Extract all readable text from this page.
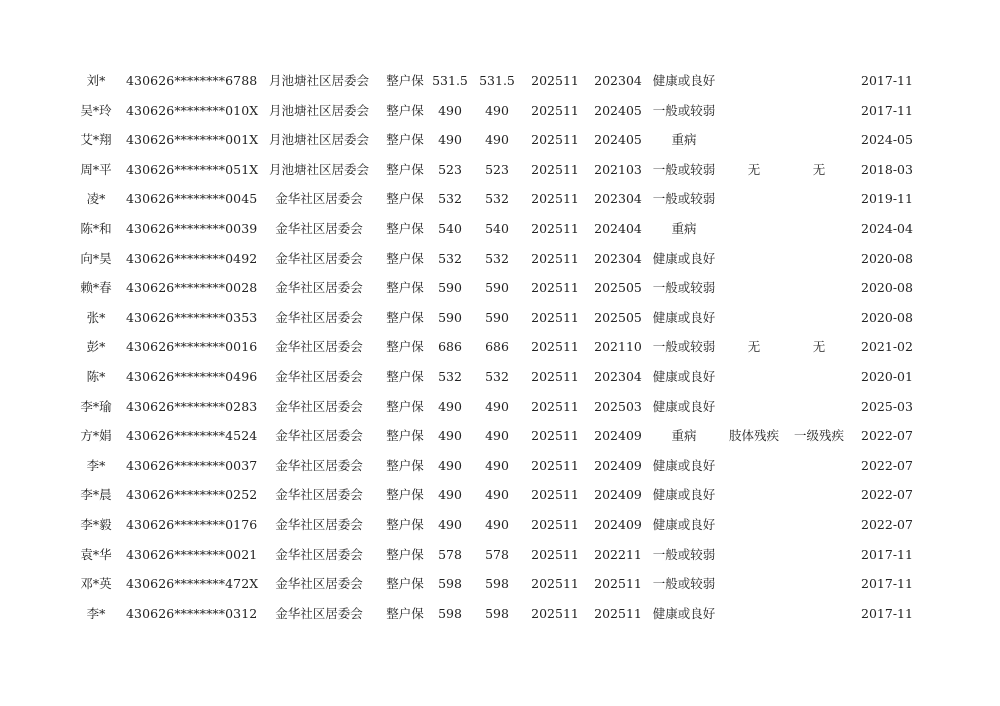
刘*	430626********6788 月池塘社区居委会	整户保 531.5 531.5 202511 202304 健康或良好	2017-11
吴*玲	430626********010X 月池塘社区居委会	整户保	490	490	202511 202405 一般或较弱	2017-11
艾*翔	430626********001X 月池塘社区居委会	整户保	490	490	202511 202405	重病	2024-05
周*平	430626********051X 月池塘社区居委会	整户保	523	523	202511 202103 一般或较弱	无	无	2018-03
凌*	430626********0045	金华社区居委会	整户保	532	532	202511 202304 一般或较弱	2019-11
陈*和	430626********0039	金华社区居委会	整户保	540	540	202511 202404	重病	2024-04
向*昊	430626********0492	金华社区居委会	整户保	532	532	202511 202304 健康或良好	2020-08
赖*春	430626********0028	金华社区居委会	整户保	590	590	202511 202505 一般或较弱	2020-08
张*	430626********0353	金华社区居委会	整户保	590	590	202511 202505 健康或良好	2020-08
彭*	430626********0016	金华社区居委会	整户保	686	686	202511 202110 一般或较弱	无	无	2021-02
陈*	430626********0496	金华社区居委会	整户保	532	532	202511 202304 健康或良好	2020-01
李*瑜	430626********0283	金华社区居委会	整户保	490	490	202511 202503 健康或良好	2025-03
方*娟	430626********4524	金华社区居委会	整户保	490	490	202511 202409	重病	肢体残疾	一级残疾	2022-07
李*	430626********0037	金华社区居委会	整户保	490	490	202511 202409 健康或良好	2022-07
李*晨	430626********0252	金华社区居委会	整户保	490	490	202511 202409 健康或良好	2022-07
李*毅	430626********0176	金华社区居委会	整户保	490	490	202511 202409 健康或良好	2022-07
袁*华	430626********0021	金华社区居委会	整户保	578	578	202511 202211 一般或较弱	2017-11
邓*英	430626********472X	金华社区居委会	整户保	598	598	202511 202511 一般或较弱	2017-11
李*	430626********0312	金华社区居委会	整户保	598	598	202511 202511 健康或良好	2017-11
